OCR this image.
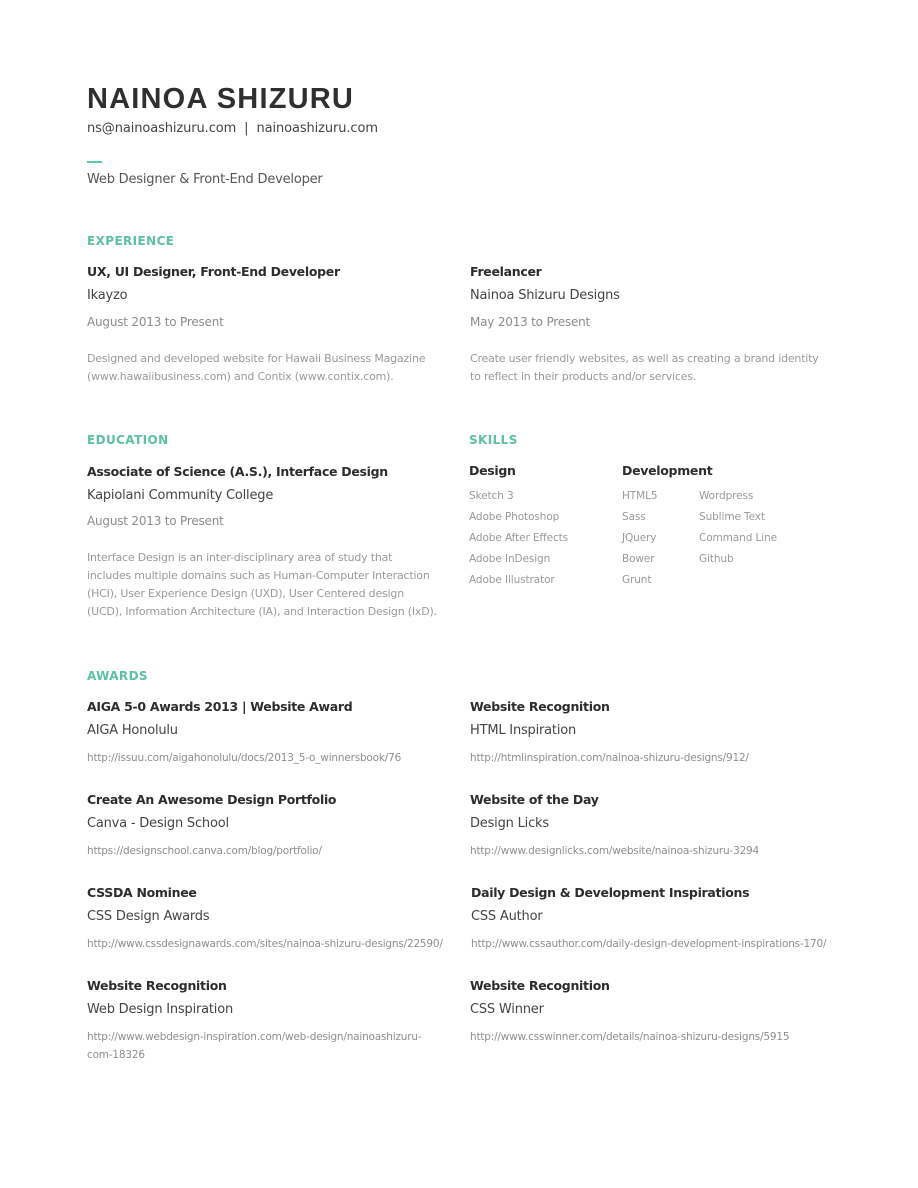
NAINOA SHIZURU
ns@nainoashizuru.com | nainoashizuru.com
Web Designer & Front-End Developer
EXPERIENCE
UX, UI Designer, Front-End Developer
Ikayzo
August 2013 to Present
Designed and developed website for Hawaii Business Magazine (www.hawaiibusiness.com) and Contix (www.contix.com).
Freelancer
Nainoa Shizuru Designs
May 2013 to Present
Create user friendly websites, as well as creating a brand identity to reflect in their products and/or services.
EDUCATION
Associate of Science (A.S.), Interface Design
Kapiolani Community College
August 2013 to Present
Interface Design is an inter-disciplinary area of study that includes multiple domains such as Human-Computer Interaction (HCI), User Experience Design (UXD), User Centered design (UCD), Information Architecture (IA), and Interaction Design (IxD).
SKILLS
Design
Sketch 3
Adobe Photoshop
Adobe After Effects
Adobe InDesign
Adobe Illustrator
Development
HTML5
Sass
JQuery
Bower
Grunt
Wordpress
Sublime Text
Command Line
Github
AWARDS
AIGA 5-0 Awards 2013 | Website Award
AIGA Honolulu
http://issuu.com/aigahonolulu/docs/2013_5-o_winnersbook/76
Website Recognition
HTML Inspiration
http://htmlinspiration.com/nainoa-shizuru-designs/912/
Create An Awesome Design Portfolio
Canva - Design School
https://designschool.canva.com/blog/portfolio/
Website of the Day
Design Licks
http://www.designlicks.com/website/nainoa-shizuru-3294
CSSDA Nominee
CSS Design Awards
http://www.cssdesignawards.com/sites/nainoa-shizuru-designs/22590/
Daily Design & Development Inspirations
CSS Author
http://www.cssauthor.com/daily-design-development-inspirations-170/
Website Recognition
Web Design Inspiration
http://www.webdesign-inspiration.com/web-design/nainoashizuru-com-18326
Website Recognition
CSS Winner
http://www.csswinner.com/details/nainoa-shizuru-designs/5915
